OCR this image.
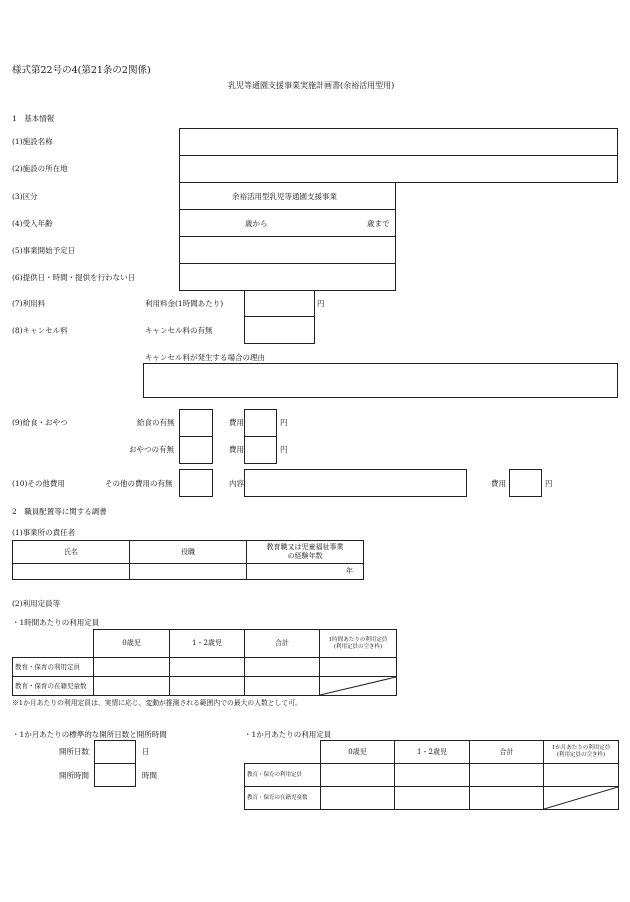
様式第22号の4(第21条の2関係)
乳児等通園支援事業実施計画書(余裕活用型用)
1　基本情報
(1)施設名称
(2)施設の所在地
(3)区分	余裕活用型乳児等通園支援事業
(4)受入年齢	歳から	歳まで
(5)事業開始予定日
(6)提供日・時間・提供を行わない日
(7)利用料	利用料金(1時間あたり)	円
(8)キャンセル料	キャンセル料の有無
キャンセル料が発生する場合の理由
(9)給食・おやつ	給食の有無	費用	円
おやつの有無	費用	円
(10)その他費用	その他の費用の有無	内容	費用	円
2　職員配置等に関する調書
(1)事業所の責任者
氏名	役職	教育職又は児童福祉事業
の経験年数
		年
(2)利用定員等
・1時間あたりの利用定員
	0歳児	1・2歳児	合計	1時間あたりの利用定員
(利用定員の空き枠)
教育・保育の利用定員				
教育・保育の在籍児童数				
※1か月あたりの利用定員は、実情に応じ、変動が推測される範囲内での最大の人数として可。
・1か月あたりの標準的な開所日数と開所時間
開所日数	日
開所時間	時間
・1か月あたりの利用定員
	0歳児	1・2歳児	合計	1か月あたりの利用定員
(利用定員の空き枠)
教育・保育の利用定員				
教育・保育の在籍児童数				
